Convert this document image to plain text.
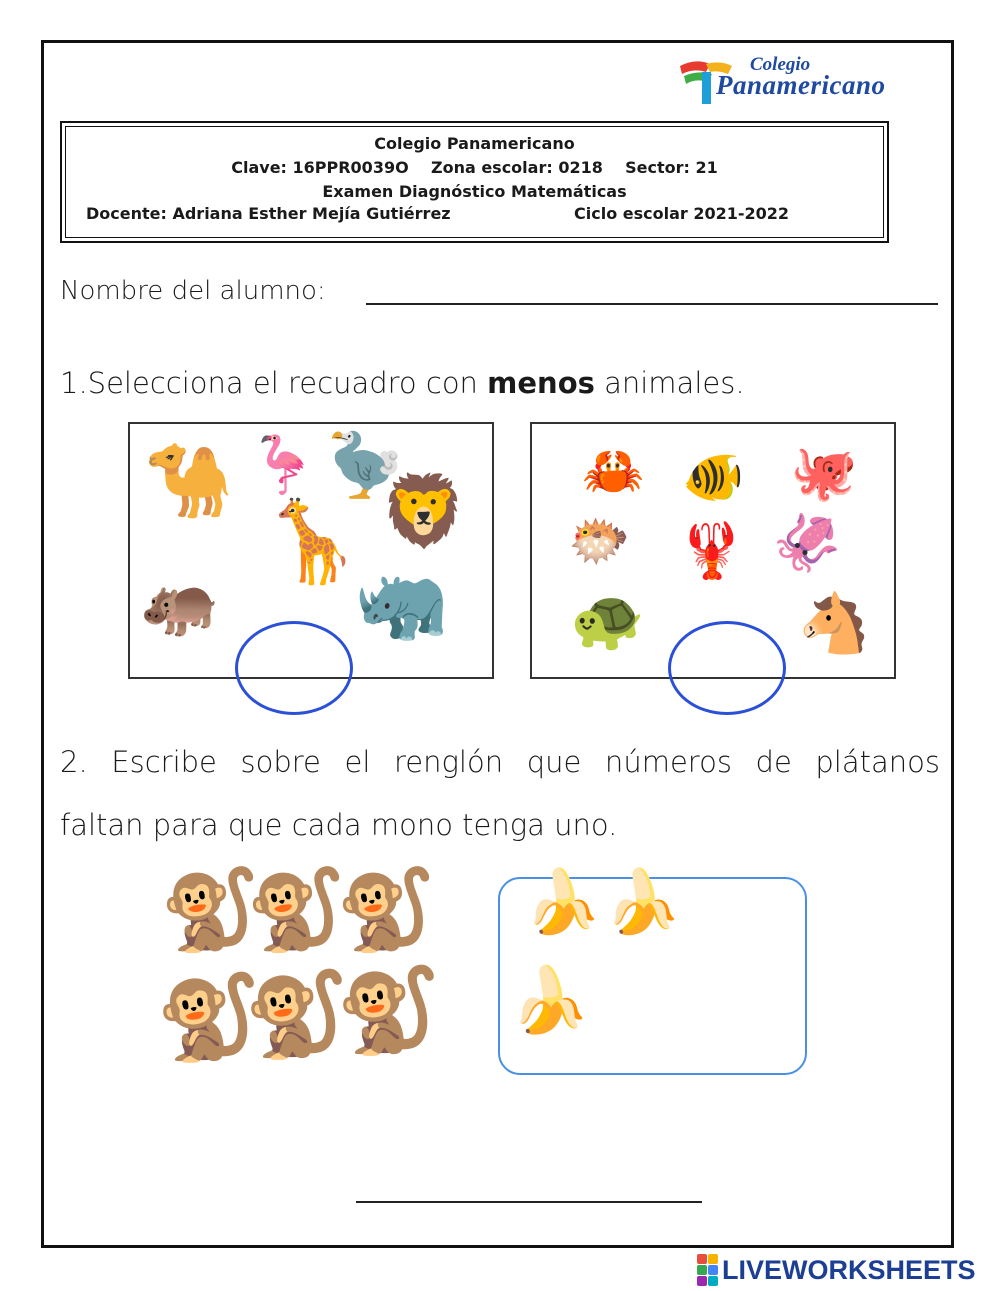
Colegio
Panamericano
Colegio Panamericano
Clave: 16PPR0039O Zona escolar: 0218 Sector: 21
Examen Diagnóstico Matemáticas
Docente: Adriana Esther Mejía Gutiérrez	Ciclo escolar 2021-2022
Nombre del alumno:
1.Selecciona el recuadro con menos animales.
🐪 🦩 🦤
🦒 🦁
🦛 🦏
🦀 🐠 🐙
🐡 🦞 🦑
🐢	🐴
2. Escribe sobre el renglón que números de plátanos
faltan para que cada mono tenga uno.
🐒
🐒
🐒
🐒
🐒
🐒
🍌 🍌
🍌
LIVEWORKSHEETS
